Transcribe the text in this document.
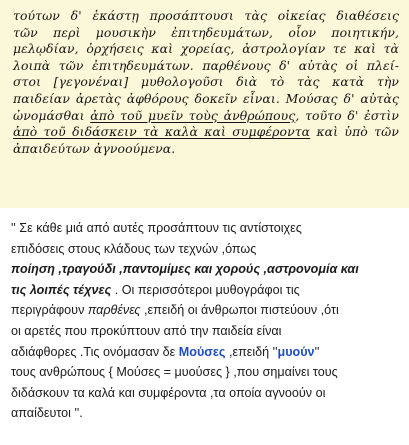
τούτων δ' ἑκάστῃ προσάπτουσι τὰς οἰκείας διαθέσεις
τῶν περὶ μουσικὴν ἐπιτηδευμάτων, οἷον ποιητικήν,
μελῳδίαν, ὀρχήσεις καὶ χορείας, ἀστρολογίαν τε καὶ τὰ
λοιπὰ τῶν ἐπιτηδευμάτων. παρθένους δ' αὐτὰς οἱ πλεί-
στοι [γεγονέναι] μυθολογοῦσι διὰ τὸ τὰς κατὰ τὴν
παιδείαν ἀρετὰς ἀφθόρους δοκεῖν εἶναι. Μούσας δ' αὐτὰς
ὠνομάσθαι ἀπὸ τοῦ μυεῖν τοὺς ἀνθρώπους, τοῦτο δ' ἐστὶν
ἀπὸ τοῦ διδάσκειν τὰ καλὰ καὶ συμφέροντα καὶ ὑπὸ τῶν
ἀπαιδεύτων ἀγνοούμενα.
'' Σε κάθε μιά από αυτές προσάπτουν τις αντίστοιχες
επιδόσεις στους κλάδους των τεχνών ,όπως
ποίηση ,τραγούδι ,παντομίμες και χορούς ,αστρονομία και
τις λοιπές τέχνες . Οι περισσότεροι μυθογράφοι τις
περιγράφουν παρθένες ,επειδή οι άνθρωποι πιστεύουν ,ότι
οι αρετές που προκύπτουν από την παιδεία είναι
αδιάφθορες .Τις ονόμασαν δε Μούσες ,επειδή ''μυούν''
τους ανθρώπους { Μούσες = μυούσες } ,που σημαίνει τους
διδάσκουν τα καλά και συμφέροντα ,τα οποία αγνοούν οι
απαίδευτοι ''.
